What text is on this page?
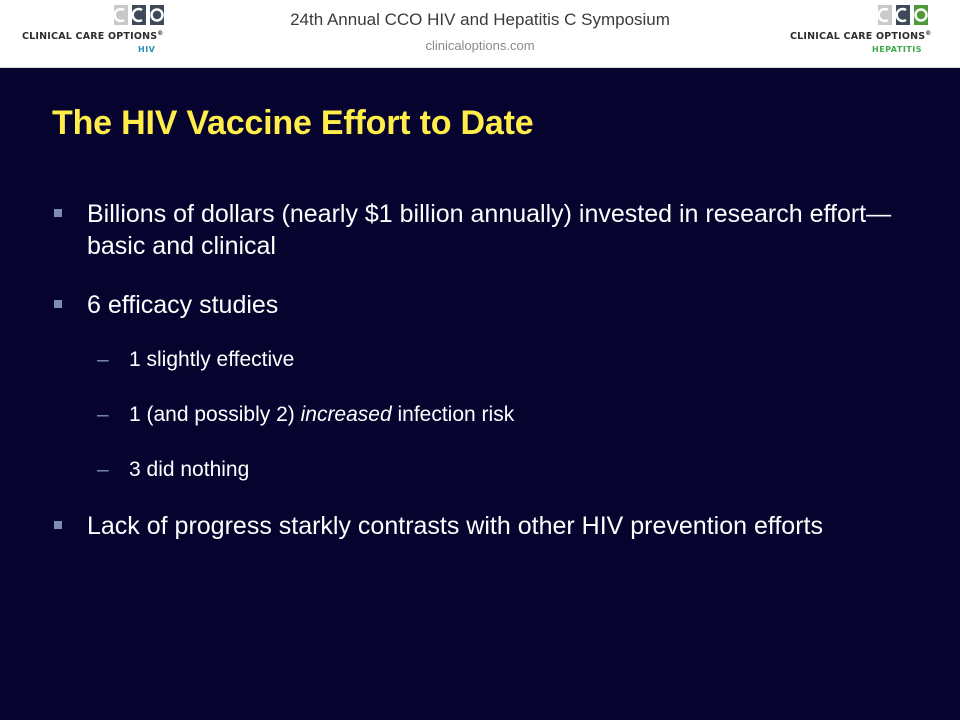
CLINICAL CARE OPTIONS®
HIV
24th Annual CCO HIV and Hepatitis C Symposium
clinicaloptions.com
CLINICAL CARE OPTIONS®
HEPATITIS
The HIV Vaccine Effort to Date
Billions of dollars (nearly $1 billion annually) invested in research effort—basic and clinical
6 efficacy studies
– 1 slightly effective
– 1 (and possibly 2) increased infection risk
– 3 did nothing
Lack of progress starkly contrasts with other HIV prevention efforts
